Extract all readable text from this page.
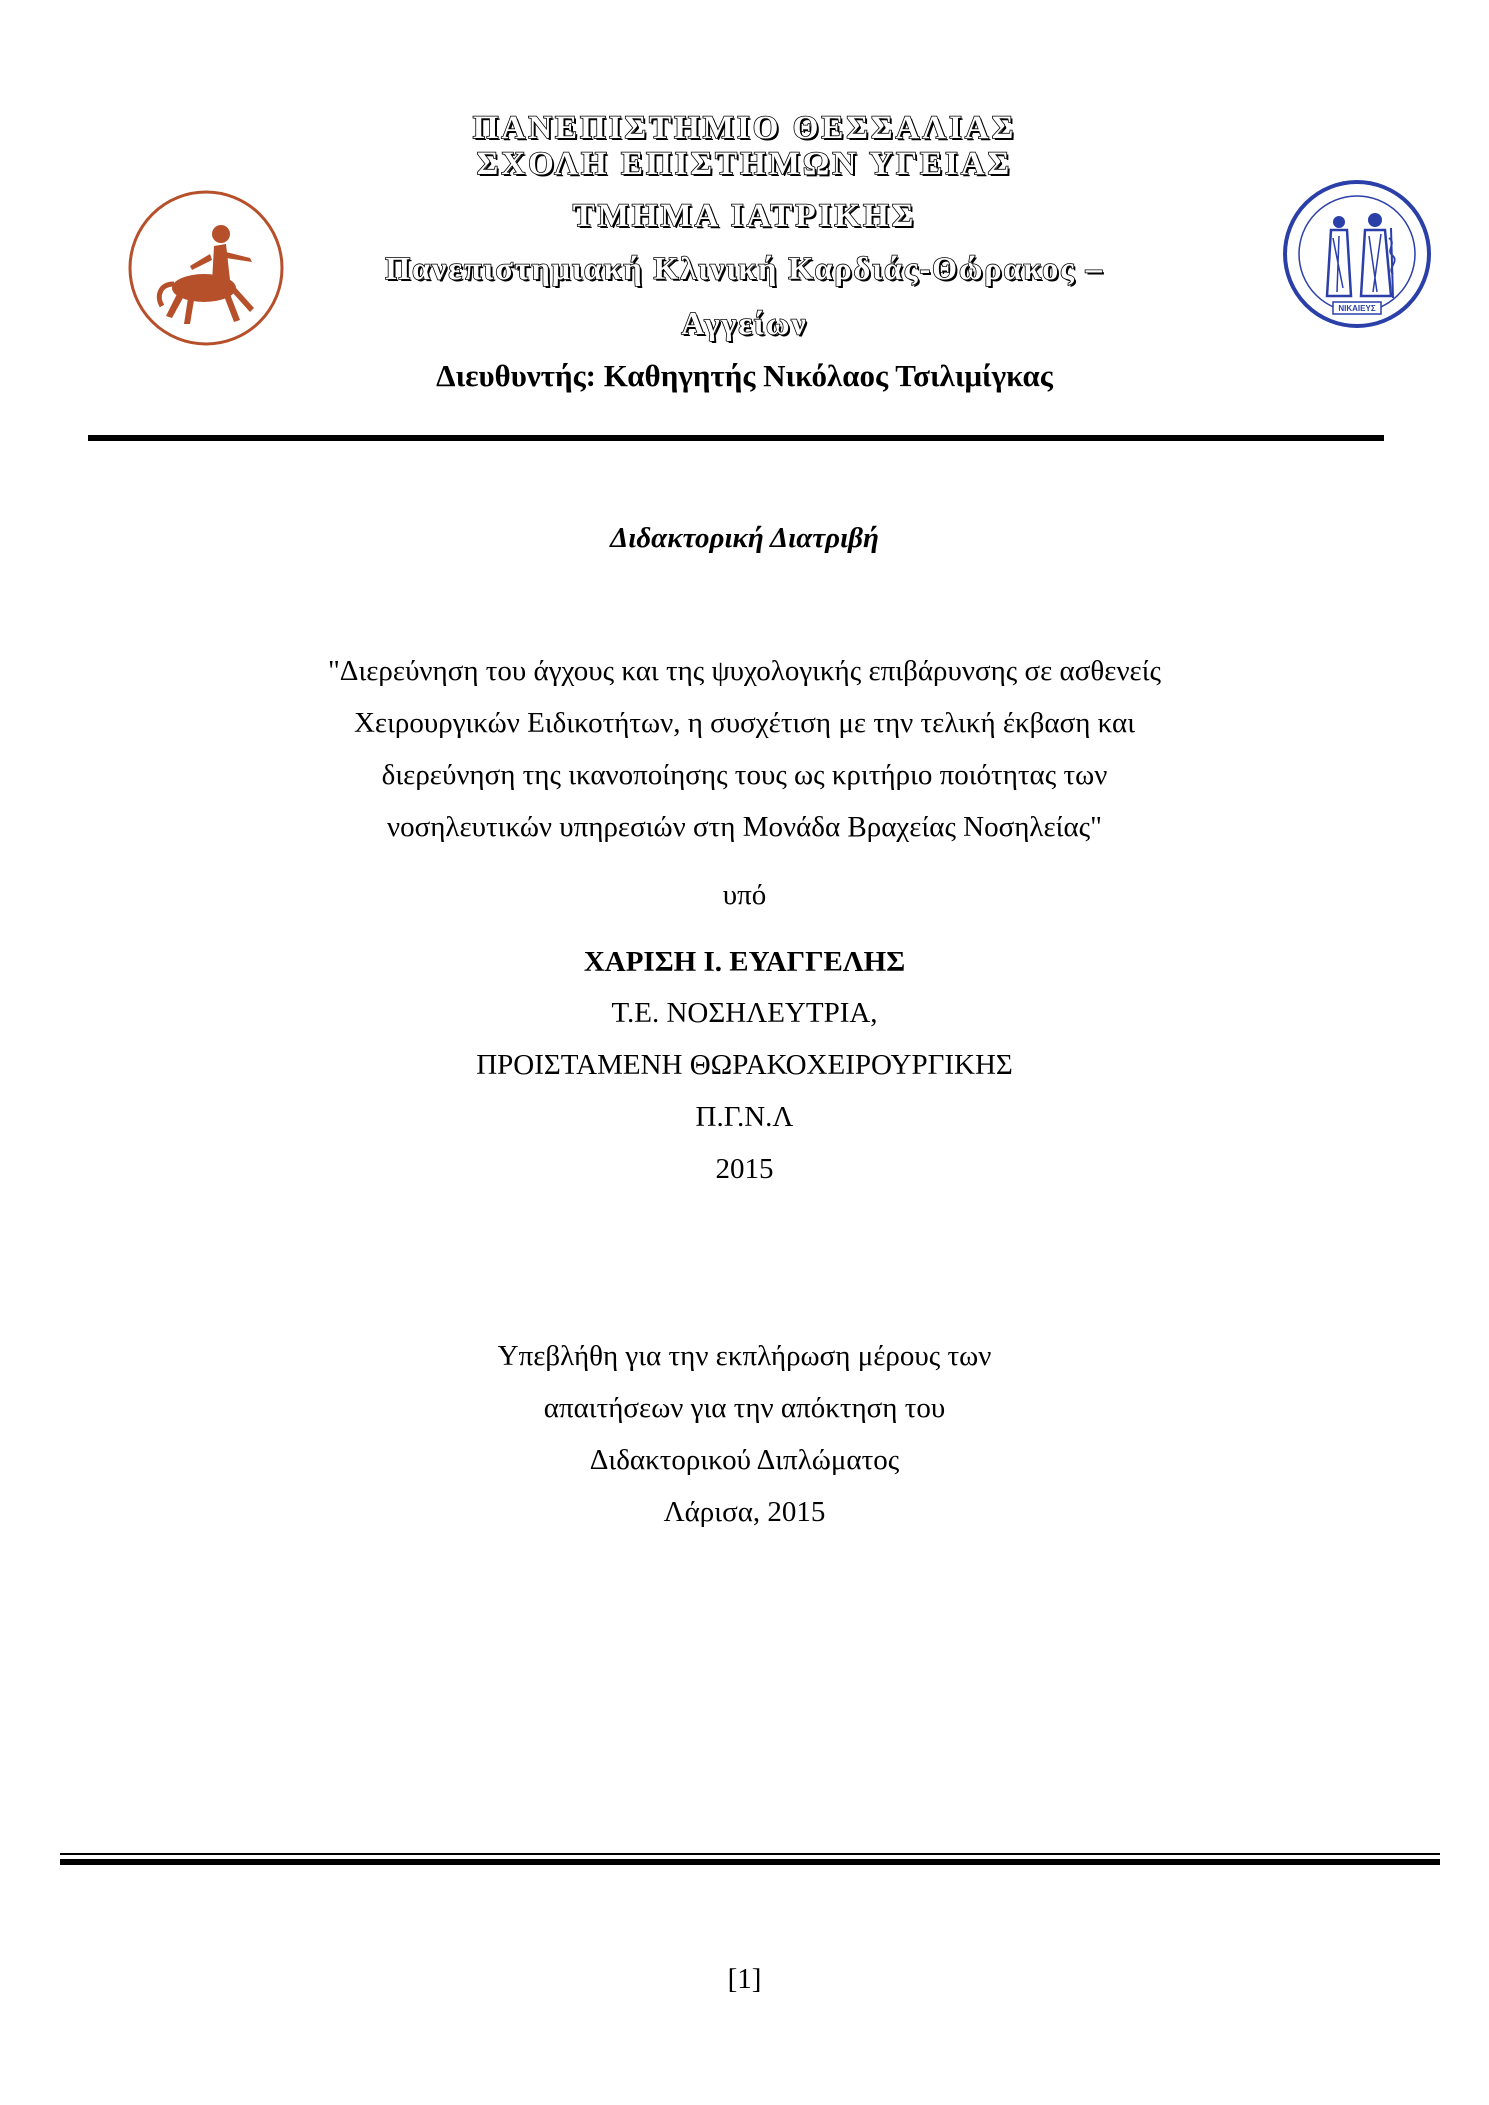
ΠΑΝΕΠΙΣΤΗΜΙΟ ΘΕΣΣΑΛΙΑΣ
ΣΧΟΛΗ ΕΠΙΣΤΗΜΩΝ ΥΓΕΙΑΣ
ΤΜΗΜΑ ΙΑΤΡΙΚΗΣ
Πανεπιστημιακή Κλινική Καρδιάς-Θώρακος –
Αγγείων
Διευθυντής: Καθηγητής Νικόλαος Τσιλιμίγκας
ΝΙΚΑΙΕΥΣ
Διδακτορική Διατριβή
"Διερεύνηση του άγχους και της ψυχολογικής επιβάρυνσης σε ασθενείς
Χειρουργικών Ειδικοτήτων, η συσχέτιση με την τελική έκβαση και
διερεύνηση της ικανοποίησης τους ως κριτήριο ποιότητας των
νοσηλευτικών υπηρεσιών στη Μονάδα Βραχείας Νοσηλείας"
υπό
ΧΑΡΙΣΗ Ι. ΕΥΑΓΓΕΛΗΣ
Τ.Ε. ΝΟΣΗΛΕΥΤΡΙΑ,
ΠΡΟΙΣΤΑΜΕΝΗ ΘΩΡΑΚΟΧΕΙΡΟΥΡΓΙΚΗΣ
Π.Γ.Ν.Λ
2015
Υπεβλήθη για την εκπλήρωση μέρους των
απαιτήσεων για την απόκτηση του
Διδακτορικού Διπλώματος
Λάρισα, 2015
[1]
